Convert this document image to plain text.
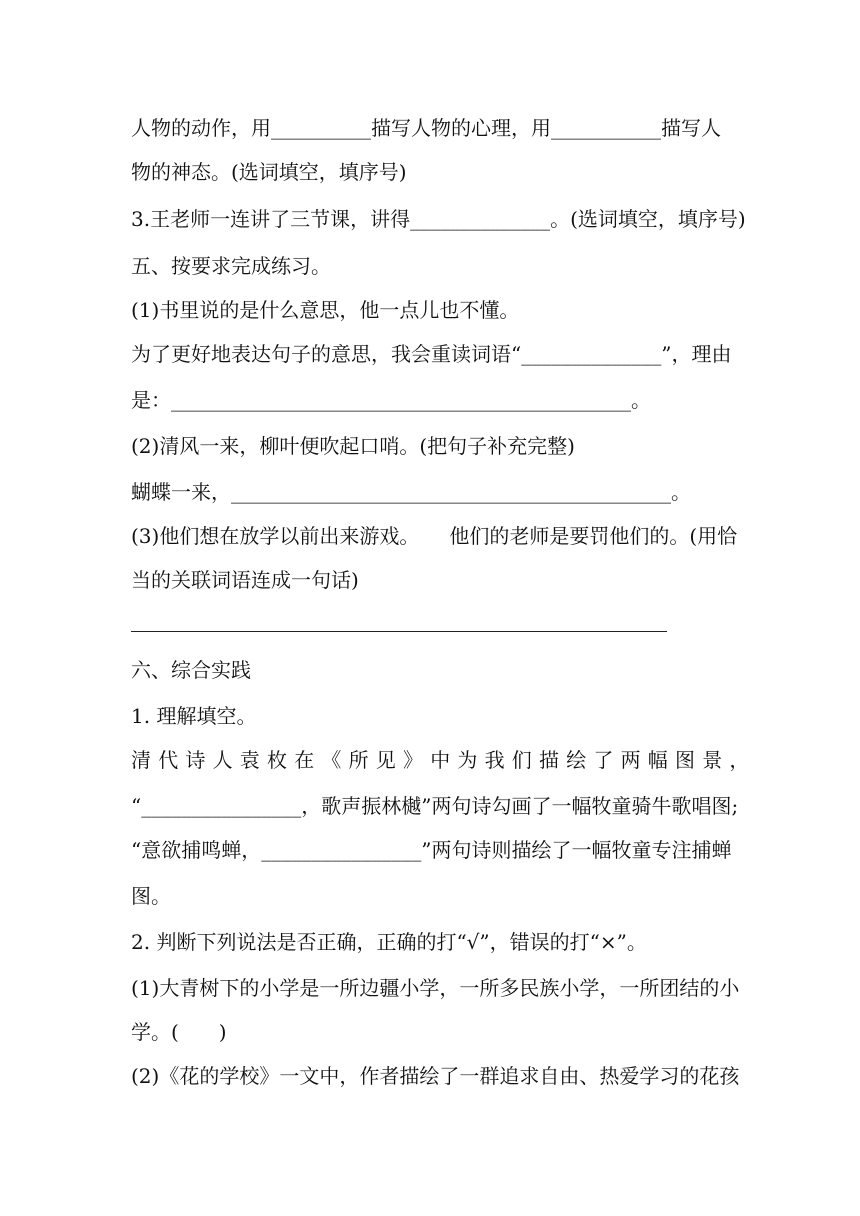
人物的动作，用__________描写人物的心理，用___________描写人
物的神态。(选词填空，填序号)
3.王老师一连讲了三节课，讲得______________。(选词填空，填序号)
五、按要求完成练习。
(1)书里说的是什么意思，他一点儿也不懂。
为了更好地表达句子的意思，我会重读词语“______________”，理由
是：______________________________________________。
(2)清风一来，柳叶便吹起口哨。(把句子补充完整)
蝴蝶一来，____________________________________________。
(3)他们想在放学以前出来游戏。　　他们的老师是要罚他们的。(用恰
当的关联词语连成一句话)
六、综合实践
1. 理解填空。
清代诗人袁枚在《所见》中为我们描绘了两幅图景，
“________________，歌声振林樾”两句诗勾画了一幅牧童骑牛歌唱图;
“意欲捕鸣蝉，________________”两句诗则描绘了一幅牧童专注捕蝉
图。
2. 判断下列说法是否正确，正确的打“√”，错误的打“×”。
(1)大青树下的小学是一所边疆小学，一所多民族小学，一所团结的小
学。(　　)
(2)《花的学校》一文中，作者描绘了一群追求自由、热爱学习的花孩
